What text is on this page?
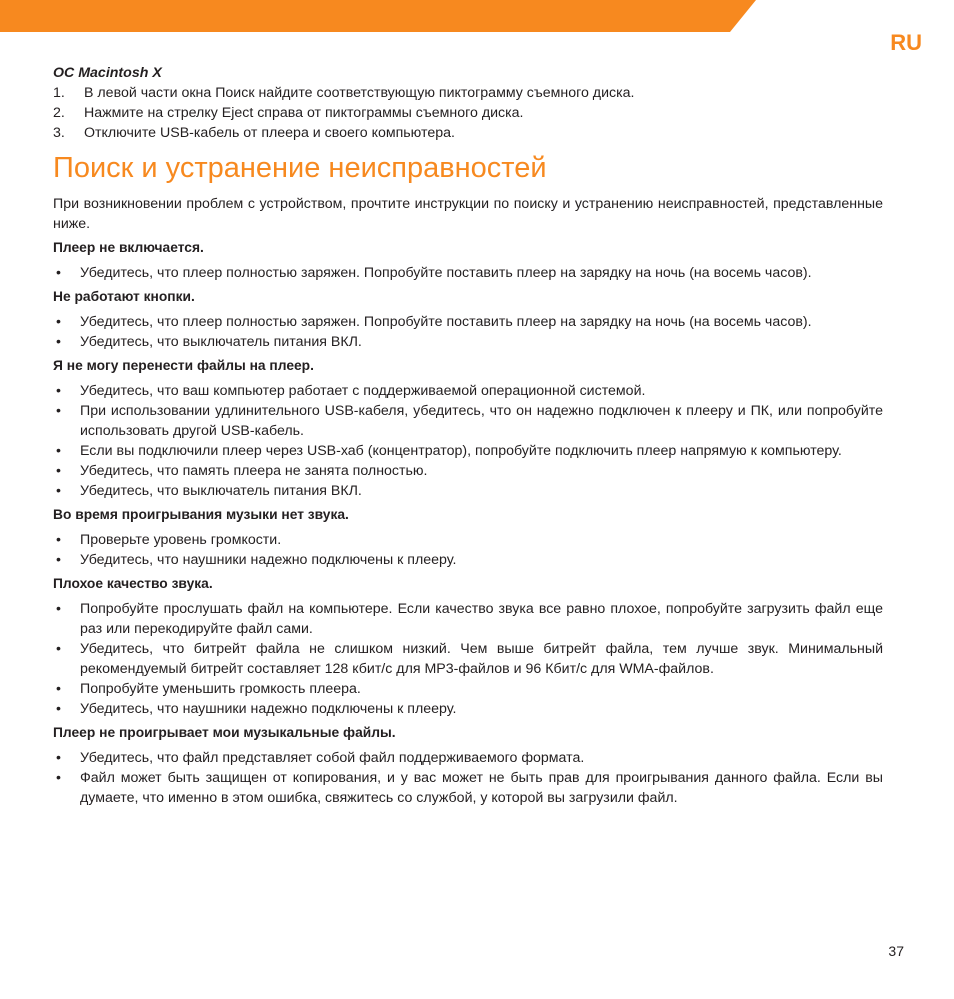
RU

ОС Macintosh X

1.	В левой части окна Поиск найдите соответствующую пиктограмму съемного диска.
2.	Нажмите на стрелку Eject справа от пиктограммы съемного диска.
3.	Отключите USB-кабель от плеера и своего компьютера.
Поиск и устранение неисправностей

При возникновении проблем с устройством, прочтите инструкции по поиску и устранению неисправностей, представленные ниже.

Плеер не включается.
•	Убедитесь, что плеер полностью заряжен. Попробуйте поставить плеер на зарядку на ночь (на восемь часов).
Не работают кнопки.
•	Убедитесь, что плеер полностью заряжен. Попробуйте поставить плеер на зарядку на ночь (на восемь часов).
•	Убедитесь, что выключатель питания ВКЛ.
Я не могу перенести файлы на плеер.
•	Убедитесь, что ваш компьютер работает с поддерживаемой операционной системой.
•	При использовании удлинительного USB-кабеля, убедитесь, что он надежно подключен к плееру и ПК, или попробуйте использовать другой USB-кабель.
•	Если вы подключили плеер через USB-хаб (концентратор), попробуйте подключить плеер напрямую к компьютеру.
•	Убедитесь, что память плеера не занята полностью.
•	Убедитесь, что выключатель питания ВКЛ.
Во время проигрывания музыки нет звука.
•	Проверьте уровень громкости.
•	Убедитесь, что наушники надежно подключены к плееру.
Плохое качество звука.
•	Попробуйте прослушать файл на компьютере. Если качество звука все равно плохое, попробуйте загрузить файл еще раз или перекодируйте файл сами.
•	Убедитесь, что битрейт файла не слишком низкий. Чем выше битрейт файла, тем лучше звук. Минимальный рекомендуемый битрейт составляет 128 кбит/с для MP3-файлов и 96 Кбит/с для WMA-файлов.
•	Попробуйте уменьшить громкость плеера.
•	Убедитесь, что наушники надежно подключены к плееру.
Плеер не проигрывает мои музыкальные файлы.
•	Убедитесь, что файл представляет собой файл поддерживаемого формата.
•	Файл может быть защищен от копирования, и у вас может не быть прав для проигрывания данного файла. Если вы думаете, что именно в этом ошибка, свяжитесь со службой, у которой вы загрузили файл.
37
